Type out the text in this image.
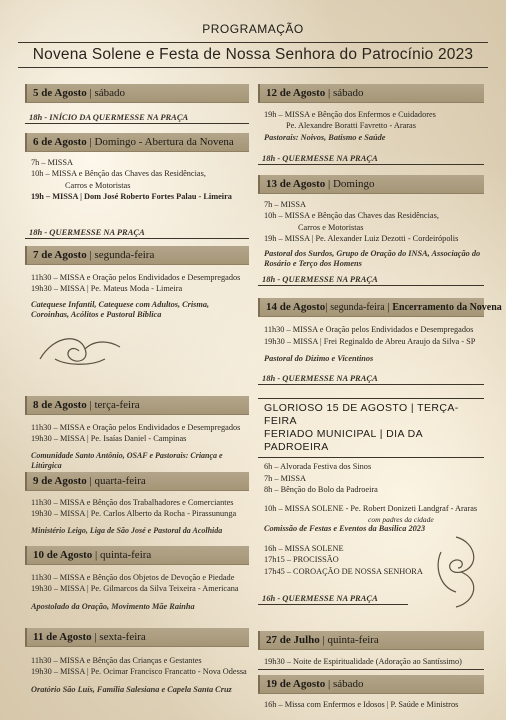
PROGRAMAÇÃO
Novena Solene e Festa de Nossa Senhora do Patrocínio 2023
5 de Agosto | sábado
18h - INÍCIO DA QUERMESSE NA PRAÇA
6 de Agosto | Domingo - Abertura da Novena
7h – MISSA
10h – MISSA e Bênção das Chaves das Residências,
Carros e Motoristas
19h – MISSA | Dom José Roberto Fortes Palau - Limeira
18h - QUERMESSE NA PRAÇA
7 de Agosto | segunda-feira
11h30 – MISSA e Oração pelos Endividados e Desempregados
19h30 – MISSA | Pe. Mateus Moda - Limeira
Catequese Infantil, Catequese com Adultos, Crisma, Coroinhas, Acólitos e Pastoral Bíblica
8 de Agosto | terça-feira
11h30 – MISSA e Oração pelos Endividados e Desempregados
19h30 – MISSA | Pe. Isaías Daniel - Campinas
Comunidade Santo Antônio, OSAF e Pastorais: Criança e Litúrgica
9 de Agosto | quarta-feira
11h30 – MISSA e Bênção dos Trabalhadores e Comerciantes
19h30 – MISSA | Pe. Carlos Alberto da Rocha - Pirassununga
Ministério Leigo, Liga de São José e Pastoral da Acolhida
10 de Agosto | quinta-feira
11h30 – MISSA e Bênção dos Objetos de Devoção e Piedade
19h30 – MISSA | Pe. Gilmarcos da Silva Teixeira - Americana
Apostolado da Oração, Movimento Mãe Rainha
11 de Agosto | sexta-feira
11h30 – MISSA e Bênção das Crianças e Gestantes
19h30 – MISSA | Pe. Ocimar Francisco Francatto - Nova Odessa
Oratório São Luís, Família Salesiana e Capela Santa Cruz
12 de Agosto | sábado
19h – MISSA e Bênção dos Enfermos e Cuidadores
Pe. Alexandre Boratti Favretto - Araras
Pastorais: Noivos, Batismo e Saúde
18h - QUERMESSE NA PRAÇA
13 de Agosto | Domingo
7h – MISSA
10h – MISSA e Bênção das Chaves das Residências,
Carros e Motoristas
19h – MISSA | Pe. Alexander Luiz Dezotti - Cordeirópolis
Pastoral dos Surdos, Grupo de Oração do INSA, Associação do Rosário e Terço dos Homens
18h - QUERMESSE NA PRAÇA
14 de Agosto| segunda-feira | Encerramento da Novena
11h30 – MISSA e Oração pelos Endividados e Desempregados
19h30 – MISSA | Frei Reginaldo de Abreu Araujo da Silva - SP
Pastoral do Dízimo e Vicentinos
18h - QUERMESSE NA PRAÇA
GLORIOSO 15 DE AGOSTO | TERÇA-FEIRA
FERIADO MUNICIPAL | DIA DA PADROEIRA
6h – Alvorada Festiva dos Sinos
7h – MISSA
8h – Bênção do Bolo da Padroeira
10h – MISSA SOLENE - Pe. Robert Donizeti Landgraf - Araras
com padres da cidade
Comissão de Festas e Eventos da Basílica 2023
16h – MISSA SOLENE
17h15 – PROCISSÃO
17h45 – COROAÇÃO DE NOSSA SENHORA
16h - QUERMESSE NA PRAÇA
27 de Julho | quinta-feira
19h30 – Noite de Espiritualidade (Adoração ao Santíssimo)
19 de Agosto | sábado
16h – Missa com Enfermos e Idosos | P. Saúde e Ministros
